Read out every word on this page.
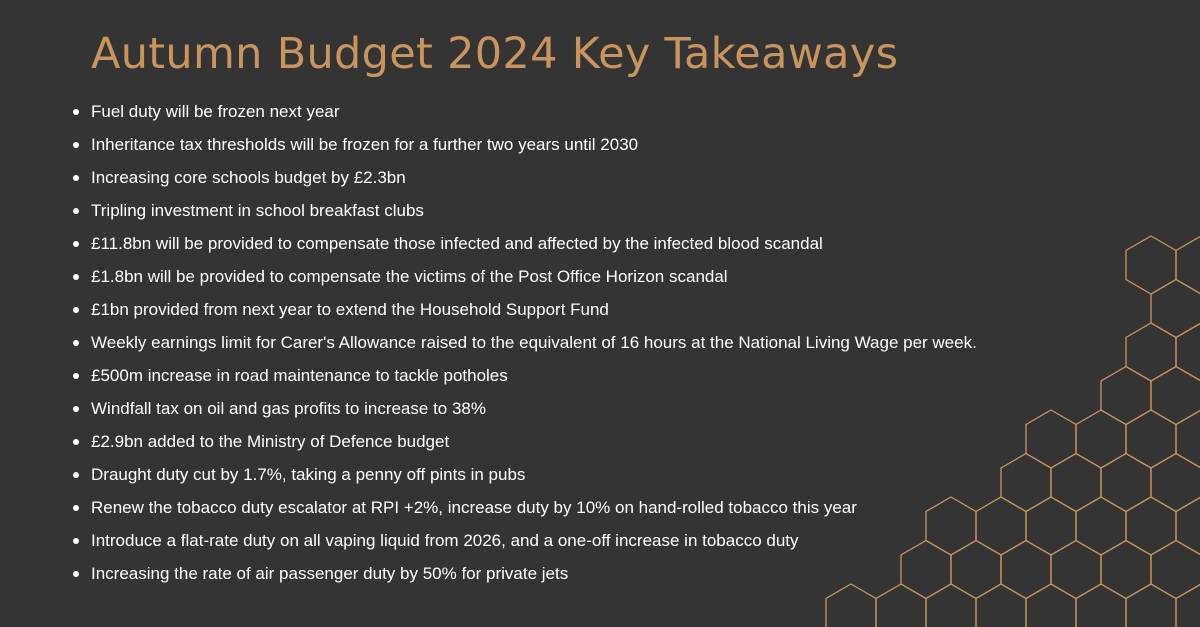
Autumn Budget 2024 Key Takeaways
Fuel duty will be frozen next year
Inheritance tax thresholds will be frozen for a further two years until 2030
Increasing core schools budget by £2.3bn
Tripling investment in school breakfast clubs
£11.8bn will be provided to compensate those infected and affected by the infected blood scandal
£1.8bn will be provided to compensate the victims of the Post Office Horizon scandal
£1bn provided from next year to extend the Household Support Fund
Weekly earnings limit for Carer's Allowance raised to the equivalent of 16 hours at the National Living Wage per week.
£500m increase in road maintenance to tackle potholes
Windfall tax on oil and gas profits to increase to 38%
£2.9bn added to the Ministry of Defence budget
Draught duty cut by 1.7%, taking a penny off pints in pubs
Renew the tobacco duty escalator at RPI +2%, increase duty by 10% on hand-rolled tobacco this year
Introduce a flat-rate duty on all vaping liquid from 2026, and a one-off increase in tobacco duty
Increasing the rate of air passenger duty by 50% for private jets
